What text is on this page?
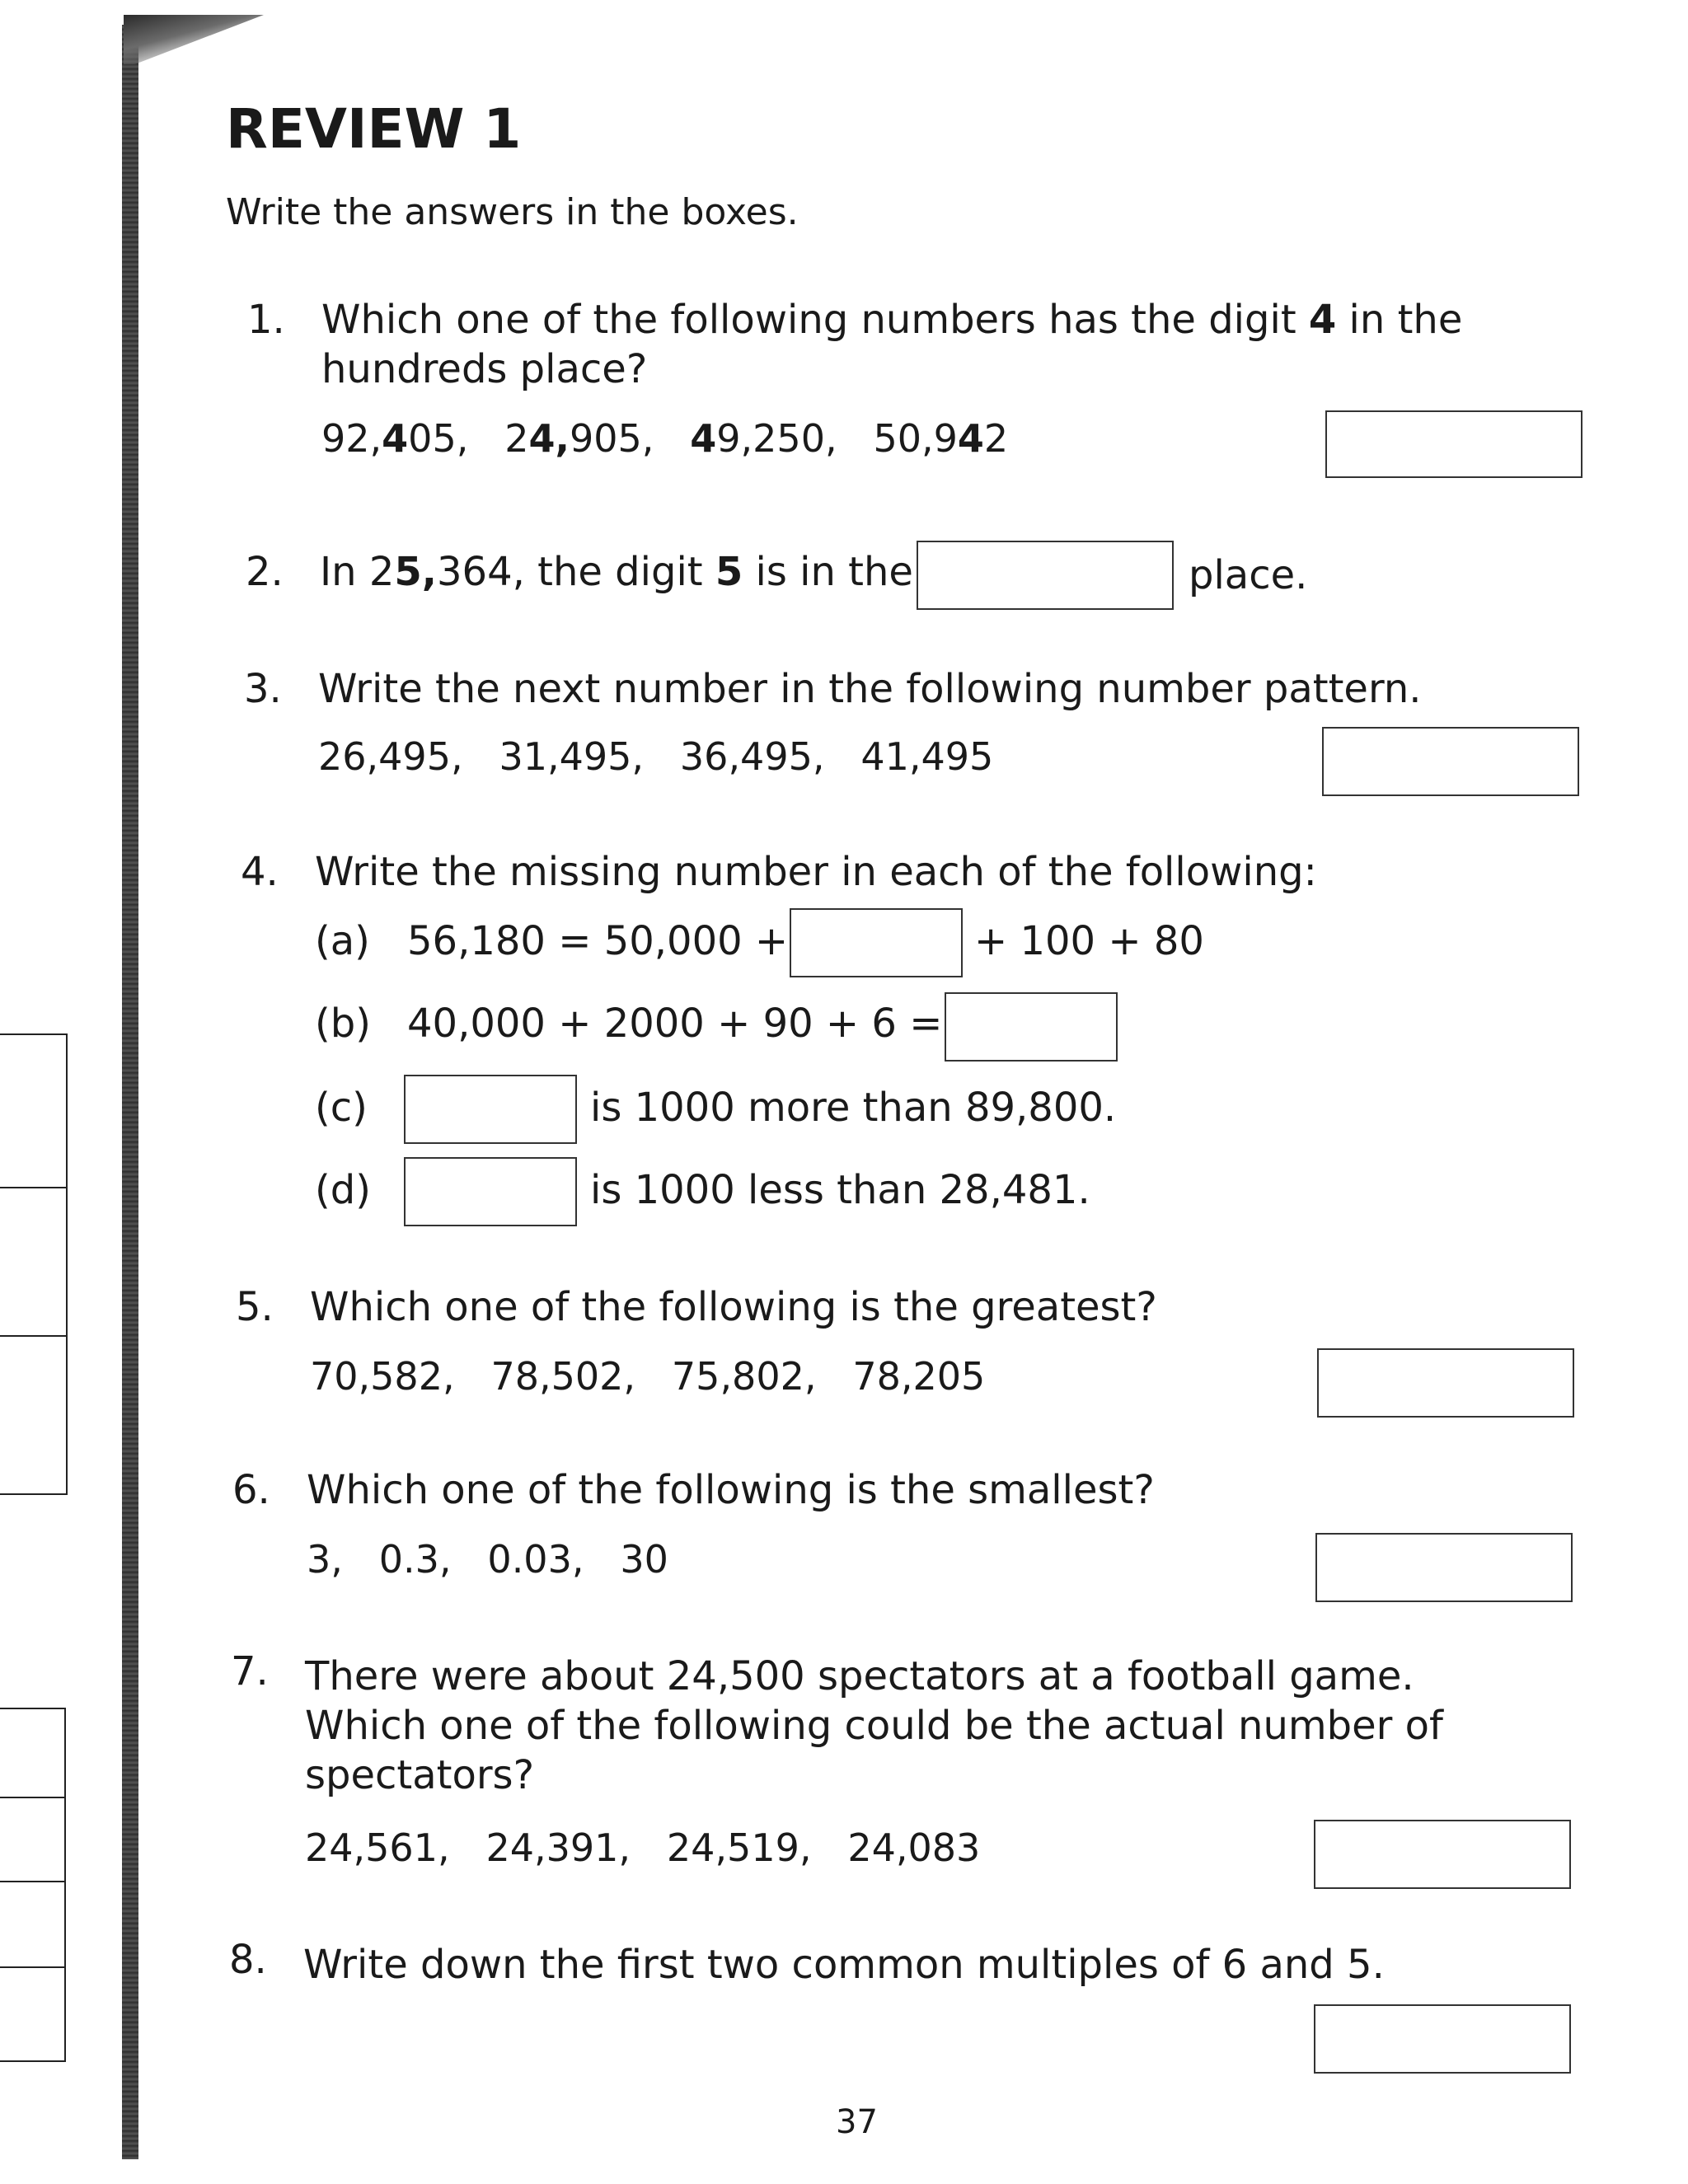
REVIEW 1
Write the answers in the boxes.
1. Which one of the following numbers has the digit 4 in the
hundreds place?
92,405, 24,905, 49,250, 50,942
2. In 25,364, the digit 5 is in the	place.
3. Write the next number in the following number pattern.
26,495, 31,495, 36,495, 41,495
4. Write the missing number in each of the following:
(a) 56,180 = 50,000 +	+ 100 + 80
(b) 40,000 + 2000 + 90 + 6 =
(c)	is 1000 more than 89,800.
(d)	is 1000 less than 28,481.
5. Which one of the following is the greatest?
70,582, 78,502, 75,802, 78,205
6. Which one of the following is the smallest?
3, 0.3, 0.03, 30
7. There were about 24,500 spectators at a football game.
Which one of the following could be the actual number of
spectators?
24,561, 24,391, 24,519, 24,083
8. Write down the first two common multiples of 6 and 5.
37
